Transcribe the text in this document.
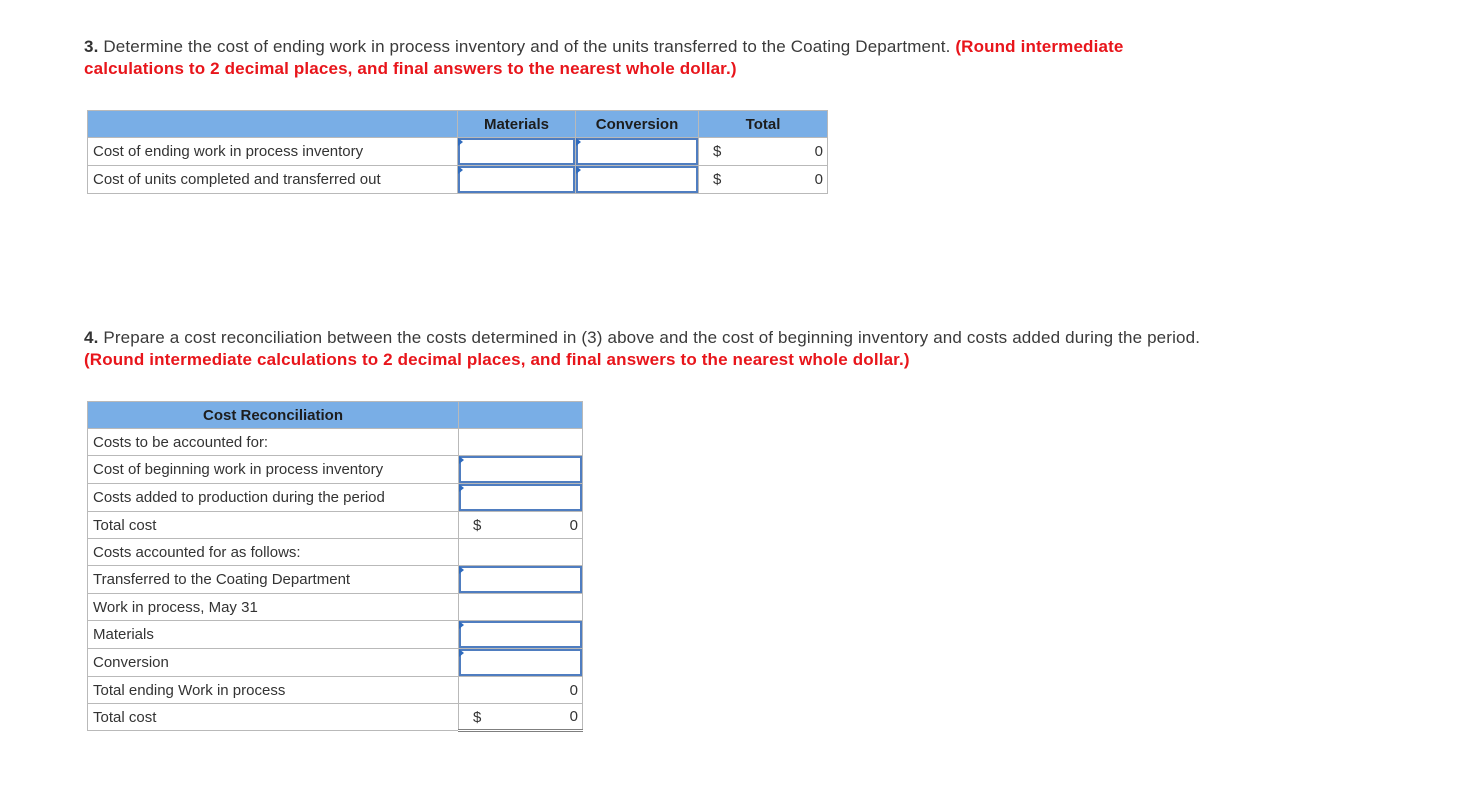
3. Determine the cost of ending work in process inventory and of the units transferred to the Coating Department. (Round intermediate calculations to 2 decimal places, and final answers to the nearest whole dollar.)
	Materials	Conversion	Total
Cost of ending work in process inventory			$ 0
Cost of units completed and transferred out			$ 0
4. Prepare a cost reconciliation between the costs determined in (3) above and the cost of beginning inventory and costs added during the period. (Round intermediate calculations to 2 decimal places, and final answers to the nearest whole dollar.)
Cost Reconciliation	
Costs to be accounted for:	
Cost of beginning work in process inventory	

Costs added to production during the period	

Total cost	$ 0
Costs accounted for as follows:	
Transferred to the Coating Department	

Work in process, May 31	
Materials	

Conversion	

Total ending Work in process	0
Total cost	$ 0
